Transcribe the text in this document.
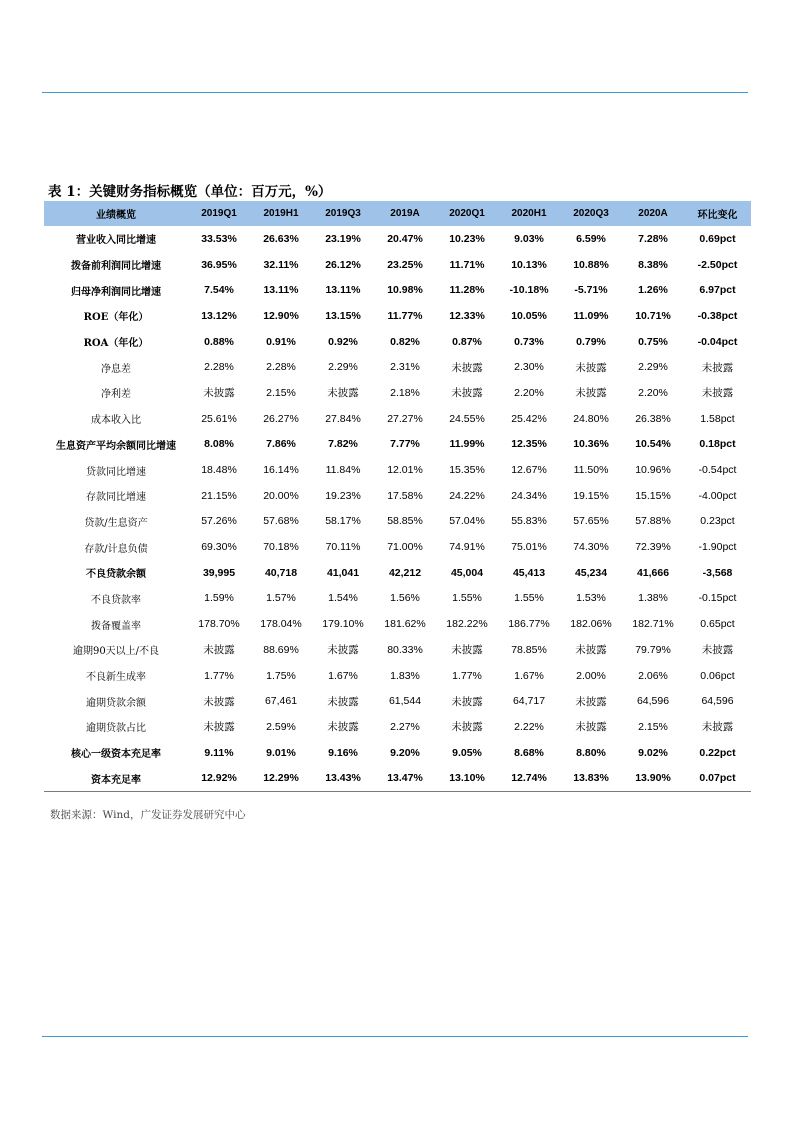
表 1：关键财务指标概览（单位：百万元，%）
业绩概览	2019Q1	2019H1	2019Q3	2019A	2020Q1	2020H1	2020Q3	2020A	环比变化
营业收入同比增速	33.53%	26.63%	23.19%	20.47%	10.23%	9.03%	6.59%	7.28%	0.69pct
拨备前利润同比增速	36.95%	32.11%	26.12%	23.25%	11.71%	10.13%	10.88%	8.38%	-2.50pct
归母净利润同比增速	7.54%	13.11%	13.11%	10.98%	11.28%	-10.18%	-5.71%	1.26%	6.97pct
ROE（年化）	13.12%	12.90%	13.15%	11.77%	12.33%	10.05%	11.09%	10.71%	-0.38pct
ROA（年化）	0.88%	0.91%	0.92%	0.82%	0.87%	0.73%	0.79%	0.75%	-0.04pct
净息差	2.28%	2.28%	2.29%	2.31%	未披露	2.30%	未披露	2.29%	未披露
净利差	未披露	2.15%	未披露	2.18%	未披露	2.20%	未披露	2.20%	未披露
成本收入比	25.61%	26.27%	27.84%	27.27%	24.55%	25.42%	24.80%	26.38%	1.58pct
生息资产平均余额同比增速	8.08%	7.86%	7.82%	7.77%	11.99%	12.35%	10.36%	10.54%	0.18pct
贷款同比增速	18.48%	16.14%	11.84%	12.01%	15.35%	12.67%	11.50%	10.96%	-0.54pct
存款同比增速	21.15%	20.00%	19.23%	17.58%	24.22%	24.34%	19.15%	15.15%	-4.00pct
贷款/生息资产	57.26%	57.68%	58.17%	58.85%	57.04%	55.83%	57.65%	57.88%	0.23pct
存款/计息负债	69.30%	70.18%	70.11%	71.00%	74.91%	75.01%	74.30%	72.39%	-1.90pct
不良贷款余额	39,995	40,718	41,041	42,212	45,004	45,413	45,234	41,666	-3,568
不良贷款率	1.59%	1.57%	1.54%	1.56%	1.55%	1.55%	1.53%	1.38%	-0.15pct
拨备覆盖率	178.70%	178.04%	179.10%	181.62%	182.22%	186.77%	182.06%	182.71%	0.65pct
逾期90天以上/不良	未披露	88.69%	未披露	80.33%	未披露	78.85%	未披露	79.79%	未披露
不良新生成率	1.77%	1.75%	1.67%	1.83%	1.77%	1.67%	2.00%	2.06%	0.06pct
逾期贷款余额	未披露	67,461	未披露	61,544	未披露	64,717	未披露	64,596	64,596
逾期贷款占比	未披露	2.59%	未披露	2.27%	未披露	2.22%	未披露	2.15%	未披露
核心一级资本充足率	9.11%	9.01%	9.16%	9.20%	9.05%	8.68%	8.80%	9.02%	0.22pct
资本充足率	12.92%	12.29%	13.43%	13.47%	13.10%	12.74%	13.83%	13.90%	0.07pct
数据来源：Wind，广发证券发展研究中心
